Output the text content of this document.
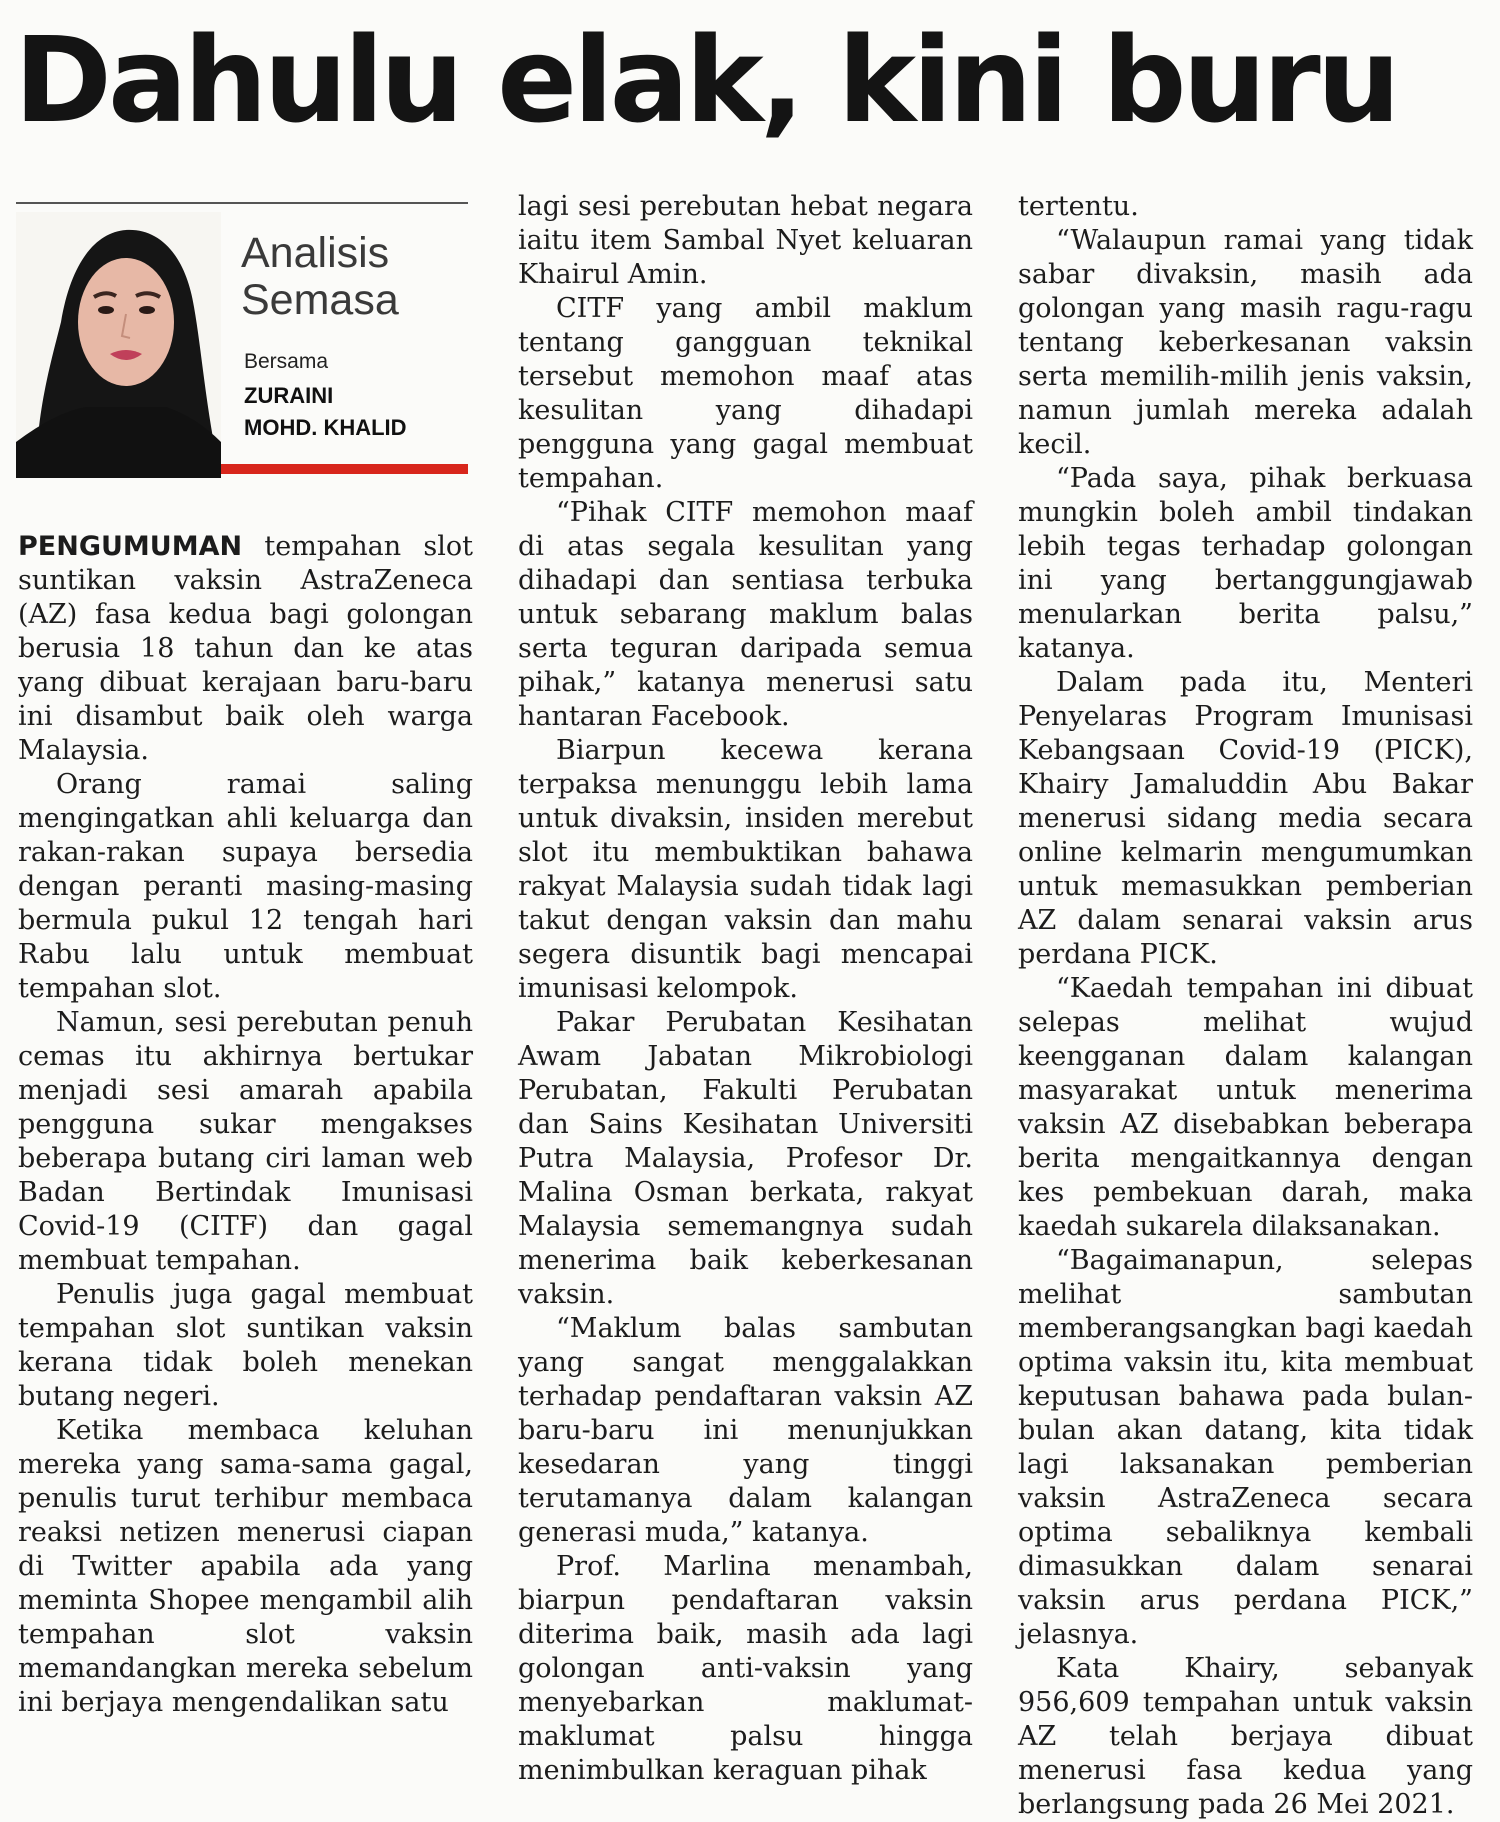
Dahulu elak, kini buru
Analisis
Semasa
Bersama
ZURAINI
MOHD. KHALID

PENGUMUMAN tempahan slot suntikan vaksin AstraZeneca (AZ) fasa kedua bagi golongan berusia 18 tahun dan ke atas yang dibuat kerajaan baru-baru ini disambut baik oleh warga Malaysia.

Orang ramai saling mengingatkan ahli keluarga dan rakan-rakan supaya bersedia dengan peranti masing-masing bermula pukul 12 tengah hari Rabu lalu untuk membuat tempahan slot.

Namun, sesi perebutan penuh cemas itu akhirnya bertukar menjadi sesi amarah apabila pengguna sukar mengakses beberapa butang ciri laman web Badan Bertindak Imunisasi Covid-19 (CITF) dan gagal membuat tempahan.

Penulis juga gagal membuat tempahan slot suntikan vaksin kerana tidak boleh menekan butang negeri.

Ketika membaca keluhan mereka yang sama-sama gagal, penulis turut terhibur membaca reaksi netizen menerusi ciapan di Twitter apabila ada yang meminta Shopee mengambil alih tempahan slot vaksin memandangkan mereka sebelum ini berjaya mengendalikan satu

lagi sesi perebutan hebat negara iaitu item Sambal Nyet keluaran Khairul Amin.

CITF yang ambil maklum tentang gangguan teknikal tersebut memohon maaf atas kesulitan yang dihadapi pengguna yang gagal membuat tempahan.

“Pihak CITF memohon maaf di atas segala kesulitan yang dihadapi dan sentiasa terbuka untuk sebarang maklum balas serta teguran daripada semua pihak,” katanya menerusi satu hantaran Facebook.

Biarpun kecewa kerana terpaksa menunggu lebih lama untuk divaksin, insiden merebut slot itu membuktikan bahawa rakyat Malaysia sudah tidak lagi takut dengan vaksin dan mahu segera disuntik bagi mencapai imunisasi kelompok.

Pakar Perubatan Kesihatan Awam Jabatan Mikrobiologi Perubatan, Fakulti Perubatan dan Sains Kesihatan Universiti Putra Malaysia, Profesor Dr. Malina Osman berkata, rakyat Malaysia sememangnya sudah menerima baik keberkesanan vaksin.

“Maklum balas sambutan yang sangat menggalakkan terhadap pendaftaran vaksin AZ baru-baru ini menunjukkan kesedaran yang tinggi terutamanya dalam kalangan generasi muda,” katanya.

Prof. Marlina menambah, biarpun pendaftaran vaksin diterima baik, masih ada lagi golongan anti-vaksin yang menyebarkan maklumat-maklumat palsu hingga menimbulkan keraguan pihak

tertentu.

“Walaupun ramai yang tidak sabar divaksin, masih ada golongan yang masih ragu-ragu tentang keberkesanan vaksin serta memilih-milih jenis vaksin, namun jumlah mereka adalah kecil.

“Pada saya, pihak berkuasa mungkin boleh ambil tindakan lebih tegas terhadap golongan ini yang bertanggungjawab menularkan berita palsu,” katanya.

Dalam pada itu, Menteri Penyelaras Program Imunisasi Kebangsaan Covid-19 (PICK), Khairy Jamaluddin Abu Bakar menerusi sidang media secara online kelmarin mengumumkan untuk memasukkan pemberian AZ dalam senarai vaksin arus perdana PICK.

“Kaedah tempahan ini dibuat selepas melihat wujud keengganan dalam kalangan masyarakat untuk menerima vaksin AZ disebabkan beberapa berita mengaitkannya dengan kes pembekuan darah, maka kaedah sukarela dilaksanakan.

“Bagaimanapun, selepas melihat sambutan memberangsangkan bagi kaedah optima vaksin itu, kita membuat keputusan bahawa pada bulan-bulan akan datang, kita tidak lagi laksanakan pemberian vaksin AstraZeneca secara optima sebaliknya kembali dimasukkan dalam senarai vaksin arus perdana PICK,” jelasnya.

Kata Khairy, sebanyak 956,609 tempahan untuk vaksin AZ telah berjaya dibuat menerusi fasa kedua yang berlangsung pada 26 Mei 2021.
